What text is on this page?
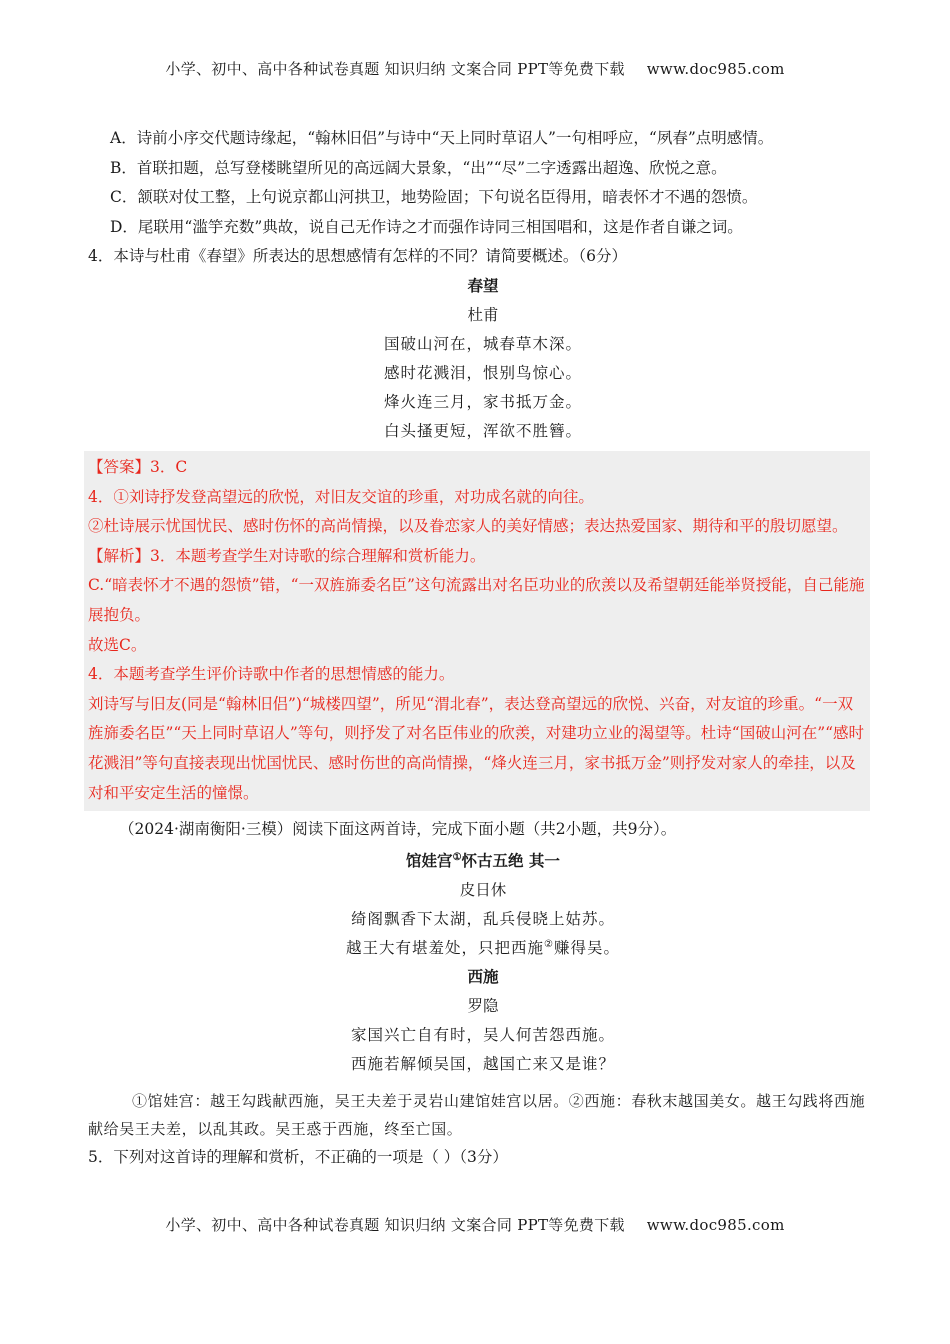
小学、初中、高中各种试卷真题 知识归纳 文案合同 PPT等免费下载 www.doc985.com
A．诗前小序交代题诗缘起，“翰林旧侣”与诗中“天上同时草诏人”一句相呼应，“夙春”点明感情。
B．首联扣题，总写登楼眺望所见的高远阔大景象，“出”“尽”二字透露出超逸、欣悦之意。
C．颔联对仗工整，上句说京都山河拱卫，地势险固；下句说名臣得用，暗表怀才不遇的怨愤。
D．尾联用“滥竽充数”典故，说自己无作诗之才而强作诗同三相国唱和，这是作者自谦之词。
4．本诗与杜甫《春望》所表达的思想感情有怎样的不同？请简要概述。（6分）
春望
杜甫
国破山河在，城春草木深。
感时花溅泪，恨别鸟惊心。
烽火连三月，家书抵万金。
白头搔更短，浑欲不胜簪。
【答案】3．C
4．①刘诗抒发登高望远的欣悦，对旧友交谊的珍重，对功成名就的向往。
②杜诗展示忧国忧民、感时伤怀的高尚情操，以及眷恋家人的美好情感；表达热爱国家、期待和平的殷切愿望。
【解析】3．本题考查学生对诗歌的综合理解和赏析能力。
C.“暗表怀才不遇的怨愤”错，“一双旌旆委名臣”这句流露出对名臣功业的欣羡以及希望朝廷能举贤授能，自己能施展抱负。
故选C。
4．本题考查学生评价诗歌中作者的思想情感的能力。
刘诗写与旧友(同是“翰林旧侣”)“城楼四望”，所见“渭北春”，表达登高望远的欣悦、兴奋，对友谊的珍重。“一双旌旆委名臣”“天上同时草诏人”等句，则抒发了对名臣伟业的欣羡，对建功立业的渴望等。杜诗“国破山河在”“感时花溅泪”等句直接表现出忧国忧民、感时伤世的高尚情操，“烽火连三月，家书抵万金”则抒发对家人的牵挂，以及对和平安定生活的憧憬。
（2024·湖南衡阳·三模）阅读下面这两首诗，完成下面小题（共2小题，共9分）。
馆娃宫①怀古五绝 其一
皮日休
绮阁飘香下太湖，乱兵侵晓上姑苏。
越王大有堪羞处，只把西施②赚得吴。
西施
罗隐
家国兴亡自有时，吴人何苦怨西施。
西施若解倾吴国，越国亡来又是谁？
①馆娃宫：越王勾践献西施，吴王夫差于灵岩山建馆娃宫以居。②西施：春秋末越国美女。越王勾践将西施献给吴王夫差，以乱其政。吴王惑于西施，终至亡国。
5．下列对这首诗的理解和赏析，不正确的一项是（ ）（3分）
小学、初中、高中各种试卷真题 知识归纳 文案合同 PPT等免费下载 www.doc985.com
